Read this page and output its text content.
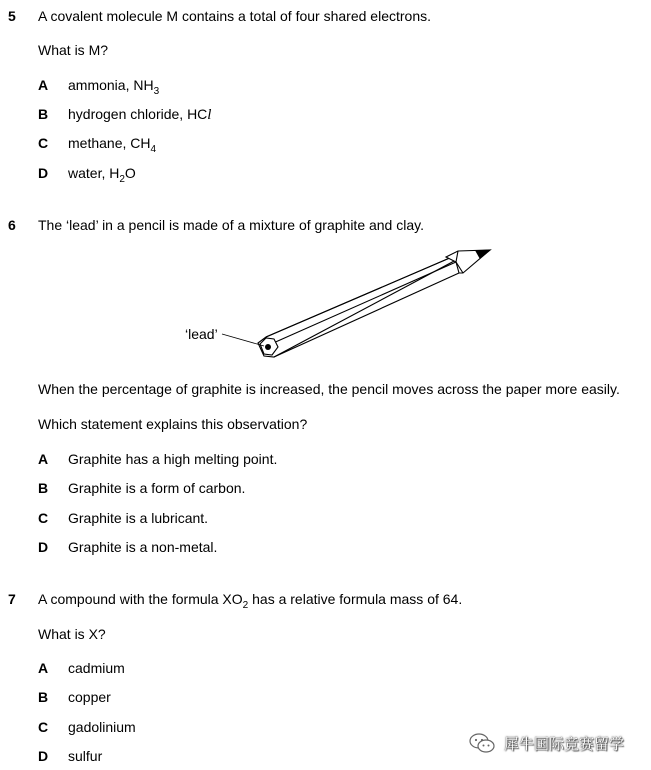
5 A covalent molecule M contains a total of four shared electrons.
What is M?
A ammonia, $NH_3$
B hydrogen chloride, HCl
C methane, $CH_4$
D water, $H_2O$
6 The ‘lead’ in a pencil is made of a mixture of graphite and clay.
‘lead’
When the percentage of graphite is increased, the pencil moves across the paper more easily.
Which statement explains this observation?
A Graphite has a high melting point.
B Graphite is a form of carbon.
C Graphite is a lubricant.
D Graphite is a non-metal.
7 A compound with the formula $XO_2$ has a relative formula mass of 64.
What is X?
A cadmium
B copper
C gadolinium
D sulfur
犀牛国际竞赛留学
